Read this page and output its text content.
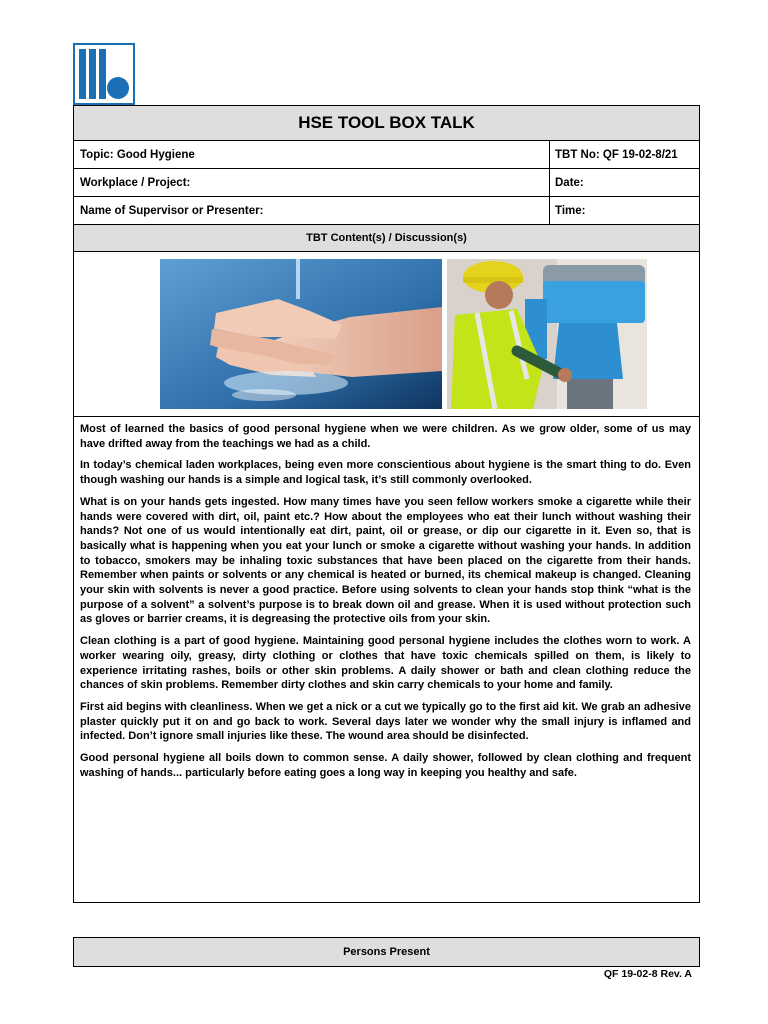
HSE TOOL BOX TALK
Topic: Good Hygiene	TBT No: QF 19-02-8/21
Workplace / Project:	Date:
Name of Supervisor or Presenter:	Time:
TBT Content(s) / Discussion(s)

Most of learned the basics of good personal hygiene when we were children. As we grow older, some of us may have drifted away from the teachings we had as a child.

In today’s chemical laden workplaces, being even more conscientious about hygiene is the smart thing to do. Even though washing our hands is a simple and logical task, it’s still commonly overlooked.

What is on your hands gets ingested. How many times have you seen fellow workers smoke a cigarette while their hands were covered with dirt, oil, paint etc.? How about the employees who eat their lunch without washing their hands? Not one of us would intentionally eat dirt, paint, oil or grease, or dip our cigarette in it. Even so, that is basically what is happening when you eat your lunch or smoke a cigarette without washing your hands. In addition to tobacco, smokers may be inhaling toxic substances that have been placed on the cigarette from their hands. Remember when paints or solvents or any chemical is heated or burned, its chemical makeup is changed. Cleaning your skin with solvents is never a good practice. Before using solvents to clean your hands stop think “what is the purpose of a solvent” a solvent’s purpose is to break down oil and grease. When it is used without protection such as gloves or barrier creams, it is degreasing the protective oils from your skin.

Clean clothing is a part of good hygiene. Maintaining good personal hygiene includes the clothes worn to work. A worker wearing oily, greasy, dirty clothing or clothes that have toxic chemicals spilled on them, is likely to experience irritating rashes, boils or other skin problems. A daily shower or bath and clean clothing reduce the chances of skin problems. Remember dirty clothes and skin carry chemicals to your home and family.

First aid begins with cleanliness. When we get a nick or a cut we typically go to the first aid kit. We grab an adhesive plaster quickly put it on and go back to work. Several days later we wonder why the small injury is inflamed and infected. Don’t ignore small injuries like these. The wound area should be disinfected.

Good personal hygiene all boils down to common sense. A daily shower, followed by clean clothing and frequent washing of hands... particularly before eating goes a long way in keeping you healthy and safe.

Persons Present
QF 19-02-8 Rev. A
